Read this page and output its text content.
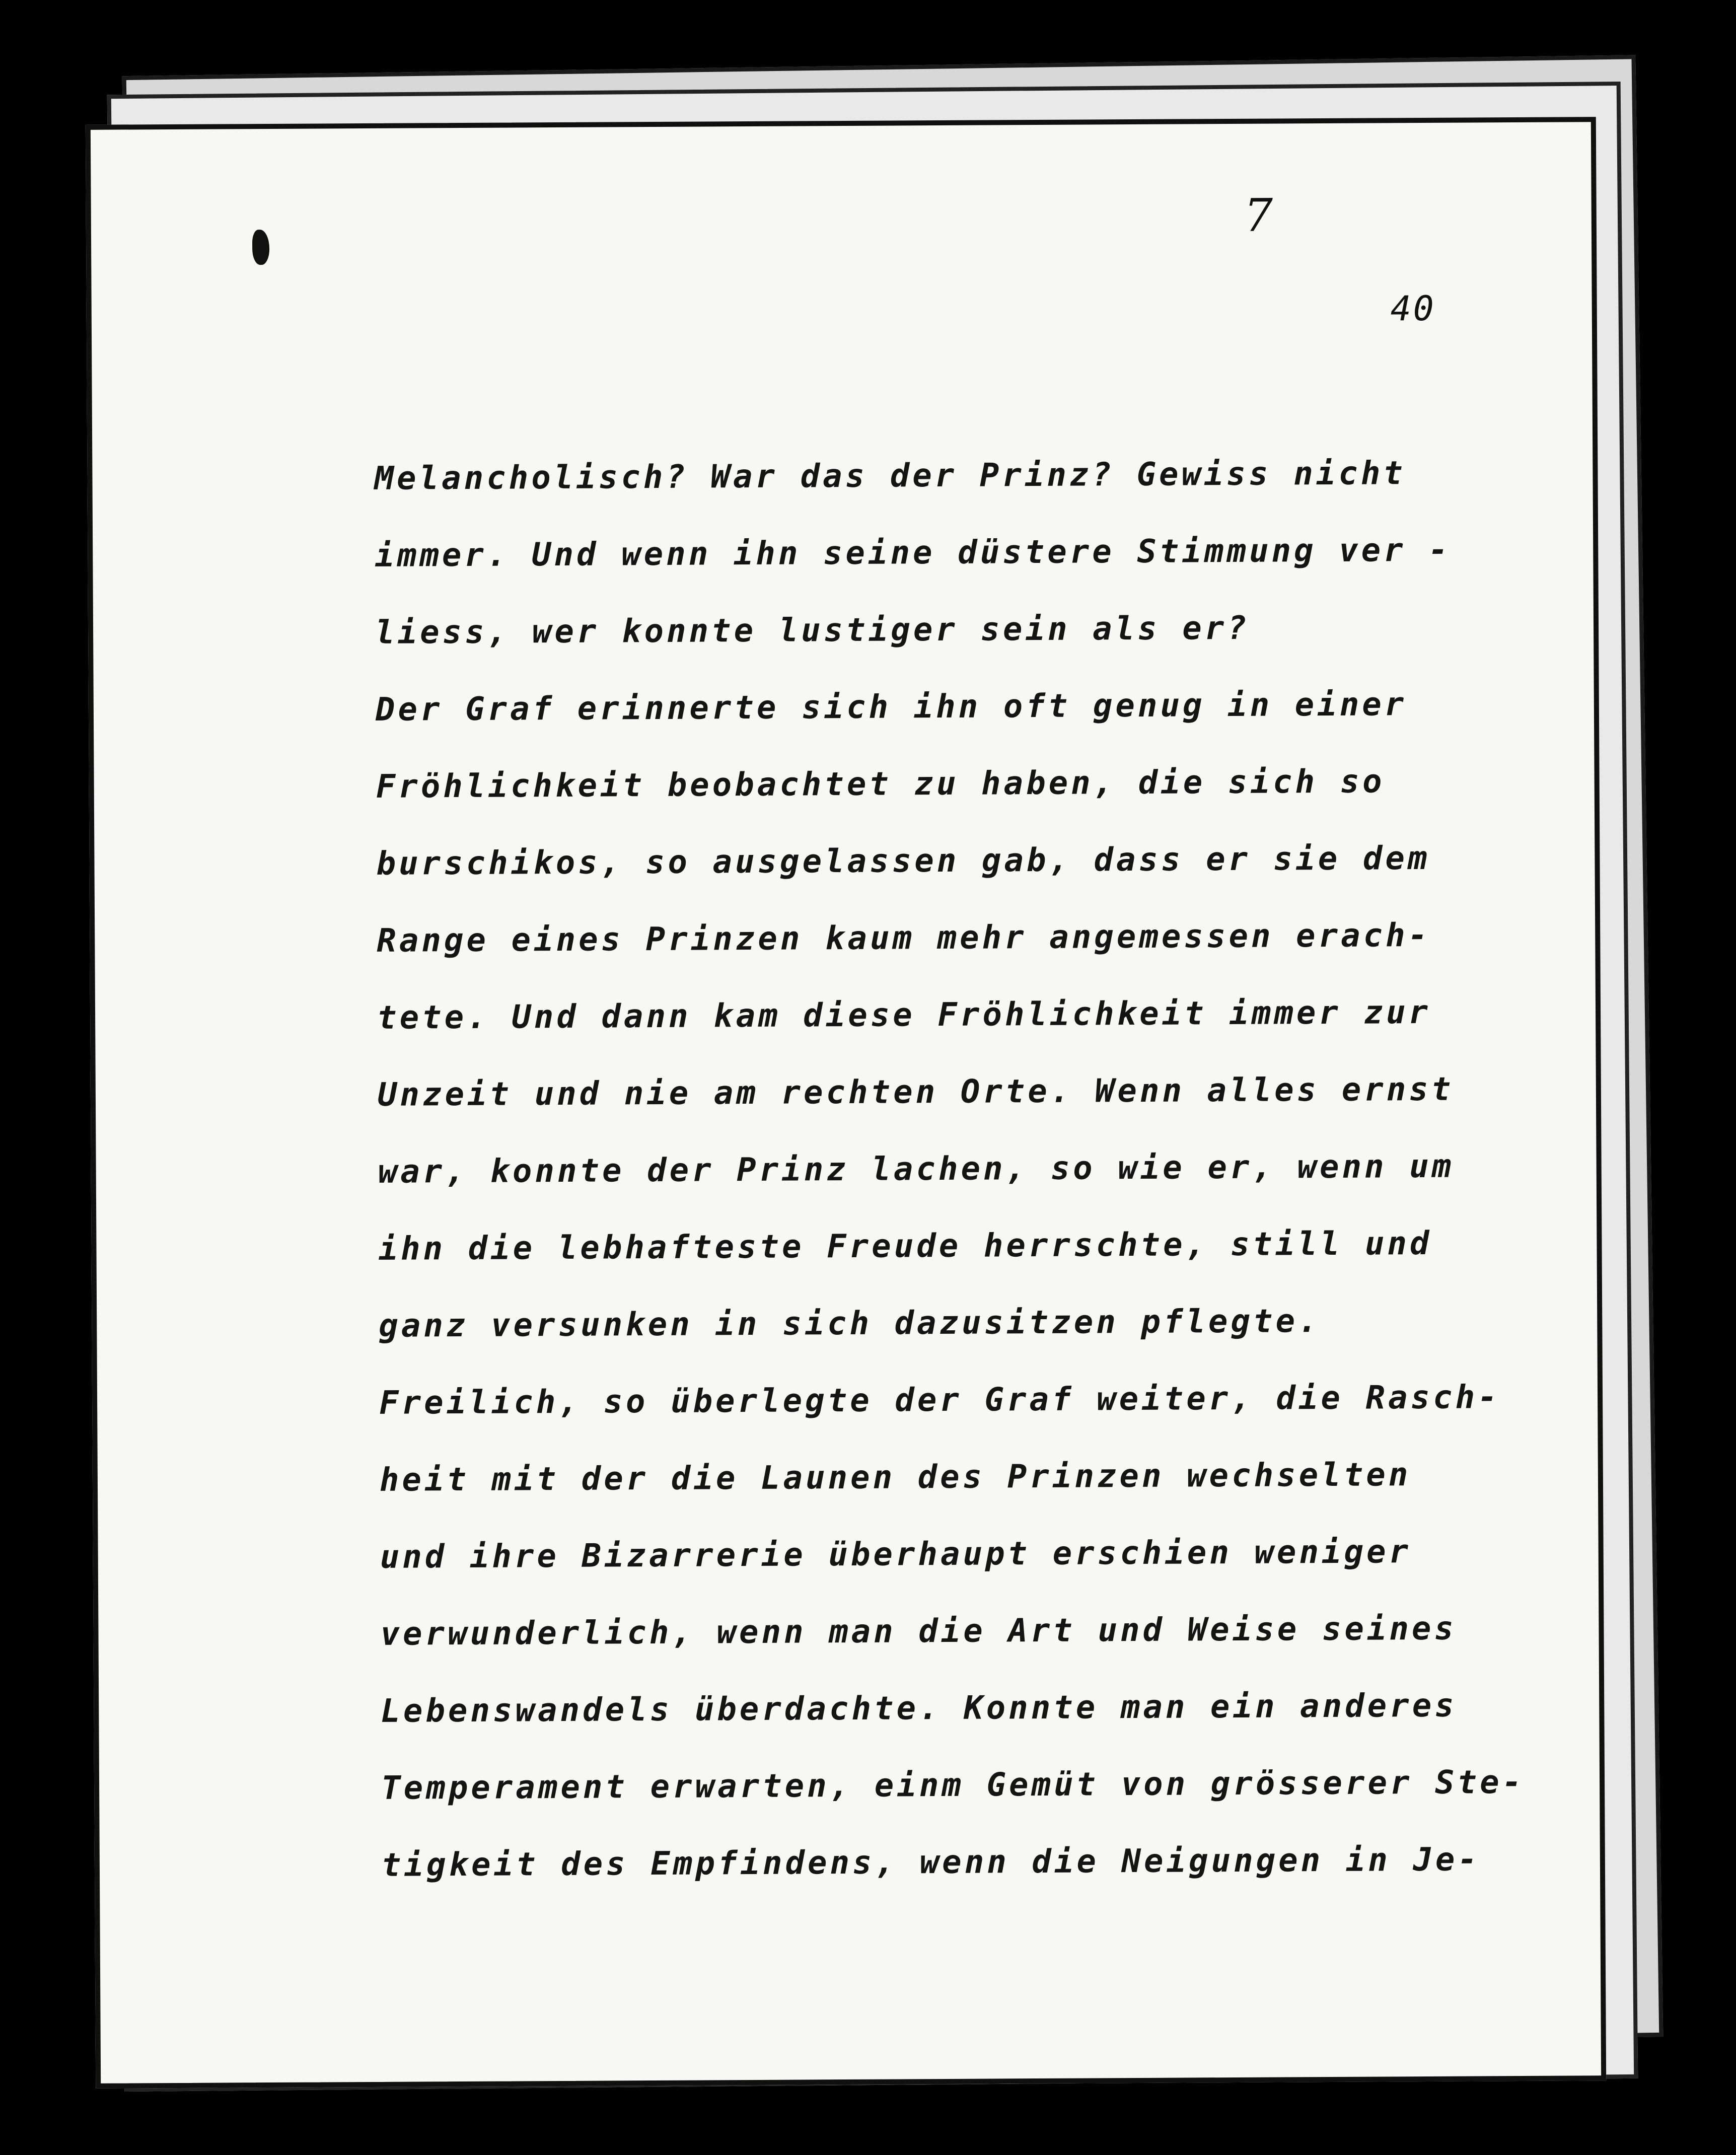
7
40
Melancholisch? War das der Prinz? Gewiss nicht
immer. Und wenn ihn seine düstere Stimmung ver -
liess, wer konnte lustiger sein als er?
Der Graf erinnerte sich ihn oft genug in einer
Fröhlichkeit beobachtet zu haben, die sich so
burschikos, so ausgelassen gab, dass er sie dem
Range eines Prinzen kaum mehr angemessen erach-
tete. Und dann kam diese Fröhlichkeit immer zur
Unzeit und nie am rechten Orte. Wenn alles ernst
war, konnte der Prinz lachen, so wie er, wenn um
ihn die lebhafteste Freude herrschte, still und
ganz versunken in sich dazusitzen pflegte.
Freilich, so überlegte der Graf weiter, die Rasch-
heit mit der die Launen des Prinzen wechselten
und ihre Bizarrerie überhaupt erschien weniger
verwunderlich, wenn man die Art und Weise seines
Lebenswandels überdachte. Konnte man ein anderes
Temperament erwarten, einm Gemüt von grösserer Ste-
tigkeit des Empfindens, wenn die Neigungen in Je-
